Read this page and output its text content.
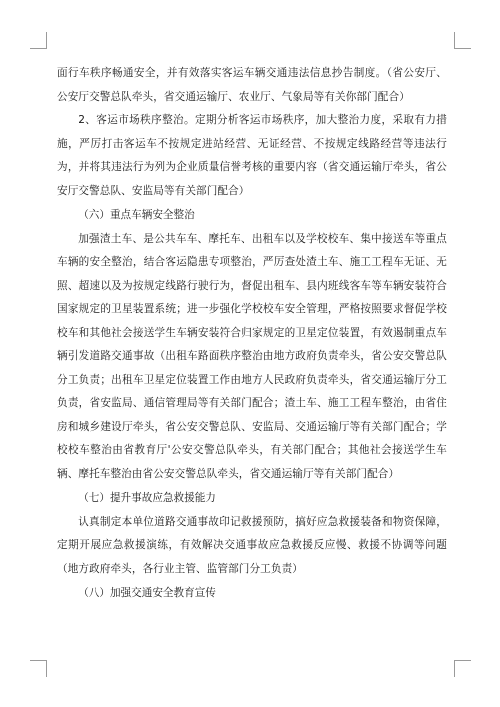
面行车秩序畅通安全，并有效落实客运车辆交通违法信息抄告制度。（省公安厅、公安厅交警总队牵头，省交通运输厅、农业厅、气象局等有关你部门配合）

2、客运市场秩序整治。定期分析客运市场秩序，加大整治力度，采取有力措施，严厉打击客运车不按规定进站经营、无证经营、不按规定线路经营等违法行为，并将其违法行为列为企业质量信誉考核的重要内容（省交通运输厅牵头，省公安厅交警总队、安监局等有关部门配合）

（六）重点车辆安全整治

加强渣土车、是公共车车、摩托车、出租车以及学校校车、集中接送车等重点车辆的安全整治，结合客运隐患专项整治，严厉查处渣土车、施工工程车无证、无照、超速以及为按规定线路行驶行为，督促出租车、县内班线客车等车辆安装符合国家规定的卫星装置系统；进一步强化学校校车安全管理，严格按照要求督促学校校车和其他社会接送学生车辆安装符合归家规定的卫星定位装置，有效遏制重点车辆引发道路交通事故（出租车路面秩序整治由地方政府负责牵头，省公安交警总队分工负责；出租车卫星定位装置工作由地方人民政府负责牵头，省交通运输厅分工负责，省安监局、通信管理局等有关部门配合；渣土车、施工工程车整治，由省住房和城乡建设厅牵头，省公安交警总队、安监局、交通运输厅等有关部门配合；学校校车整治由省教育厅'公安交警总队牵头，有关部门配合；其他社会接送学生车辆、摩托车整治由省公安交警总队牵头，省交通运输厅等有关部门配合）

（七）提升事故应急救援能力

认真制定本单位道路交通事故印记救援预防，搞好应急救援装备和物资保障，定期开展应急救援演练，有效解决交通事故应急救援反应慢、救援不协调等问题（地方政府牵头，各行业主管、监管部门分工负责）

（八）加强交通安全教育宣传
